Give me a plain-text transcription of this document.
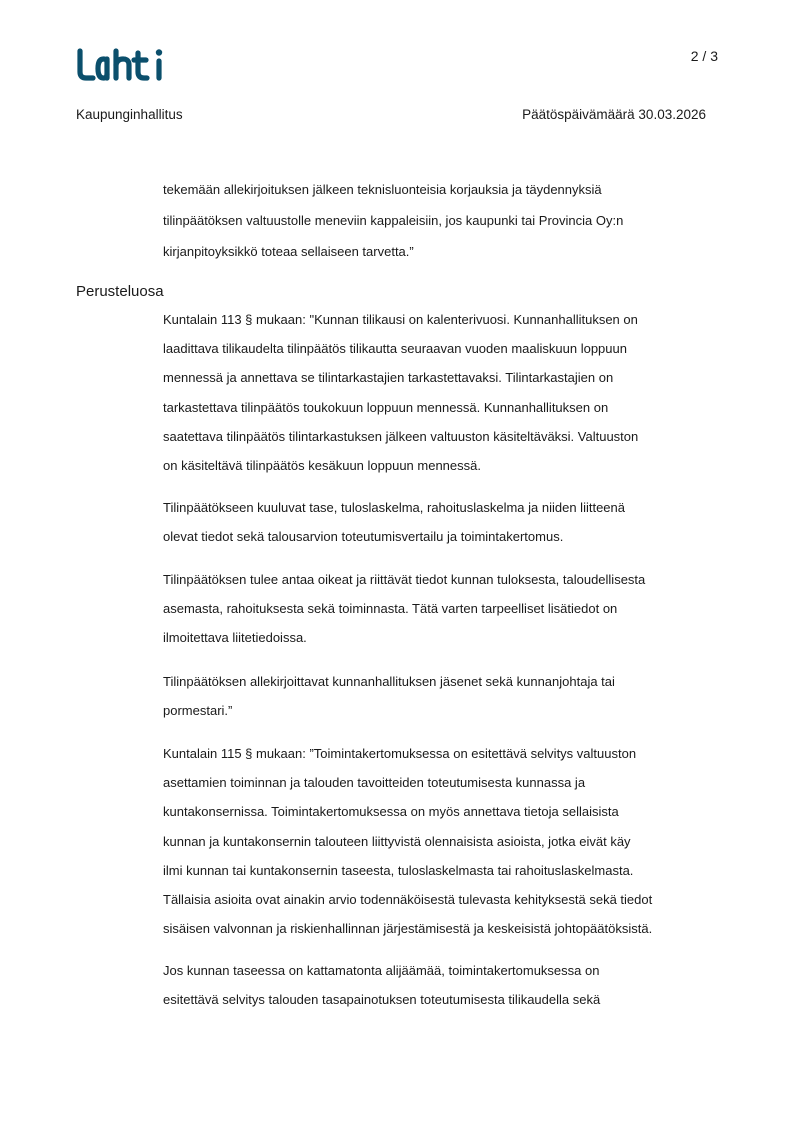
2 / 3
Kaupunginhallitus	Päätöspäivämäärä 30.03.2026
tekemään allekirjoituksen jälkeen teknisluonteisia korjauksia ja täydennyksiä
tilinpäätöksen valtuustolle meneviin kappaleisiin, jos kaupunki tai Provincia Oy:n
kirjanpitoyksikkö toteaa sellaiseen tarvetta.”
Perusteluosa
Kuntalain 113 § mukaan: "Kunnan tilikausi on kalenterivuosi. Kunnanhallituksen on
laadittava tilikaudelta tilinpäätös tilikautta seuraavan vuoden maaliskuun loppuun
mennessä ja annettava se tilintarkastajien tarkastettavaksi. Tilintarkastajien on
tarkastettava tilinpäätös toukokuun loppuun mennessä. Kunnanhallituksen on
saatettava tilinpäätös tilintarkastuksen jälkeen valtuuston käsiteltäväksi. Valtuuston
on käsiteltävä tilinpäätös kesäkuun loppuun mennessä.
Tilinpäätökseen kuuluvat tase, tuloslaskelma, rahoituslaskelma ja niiden liitteenä
olevat tiedot sekä talousarvion toteutumisvertailu ja toimintakertomus.
Tilinpäätöksen tulee antaa oikeat ja riittävät tiedot kunnan tuloksesta, taloudellisesta
asemasta, rahoituksesta sekä toiminnasta. Tätä varten tarpeelliset lisätiedot on
ilmoitettava liitetiedoissa.
Tilinpäätöksen allekirjoittavat kunnanhallituksen jäsenet sekä kunnanjohtaja tai
pormestari.”
Kuntalain 115 § mukaan: ”Toimintakertomuksessa on esitettävä selvitys valtuuston
asettamien toiminnan ja talouden tavoitteiden toteutumisesta kunnassa ja
kuntakonsernissa. Toimintakertomuksessa on myös annettava tietoja sellaisista
kunnan ja kuntakonsernin talouteen liittyvistä olennaisista asioista, jotka eivät käy
ilmi kunnan tai kuntakonsernin taseesta, tuloslaskelmasta tai rahoituslaskelmasta.
Tällaisia asioita ovat ainakin arvio todennäköisestä tulevasta kehityksestä sekä tiedot
sisäisen valvonnan ja riskienhallinnan järjestämisestä ja keskeisistä johtopäätöksistä.
Jos kunnan taseessa on kattamatonta alijäämää, toimintakertomuksessa on
esitettävä selvitys talouden tasapainotuksen toteutumisesta tilikaudella sekä
